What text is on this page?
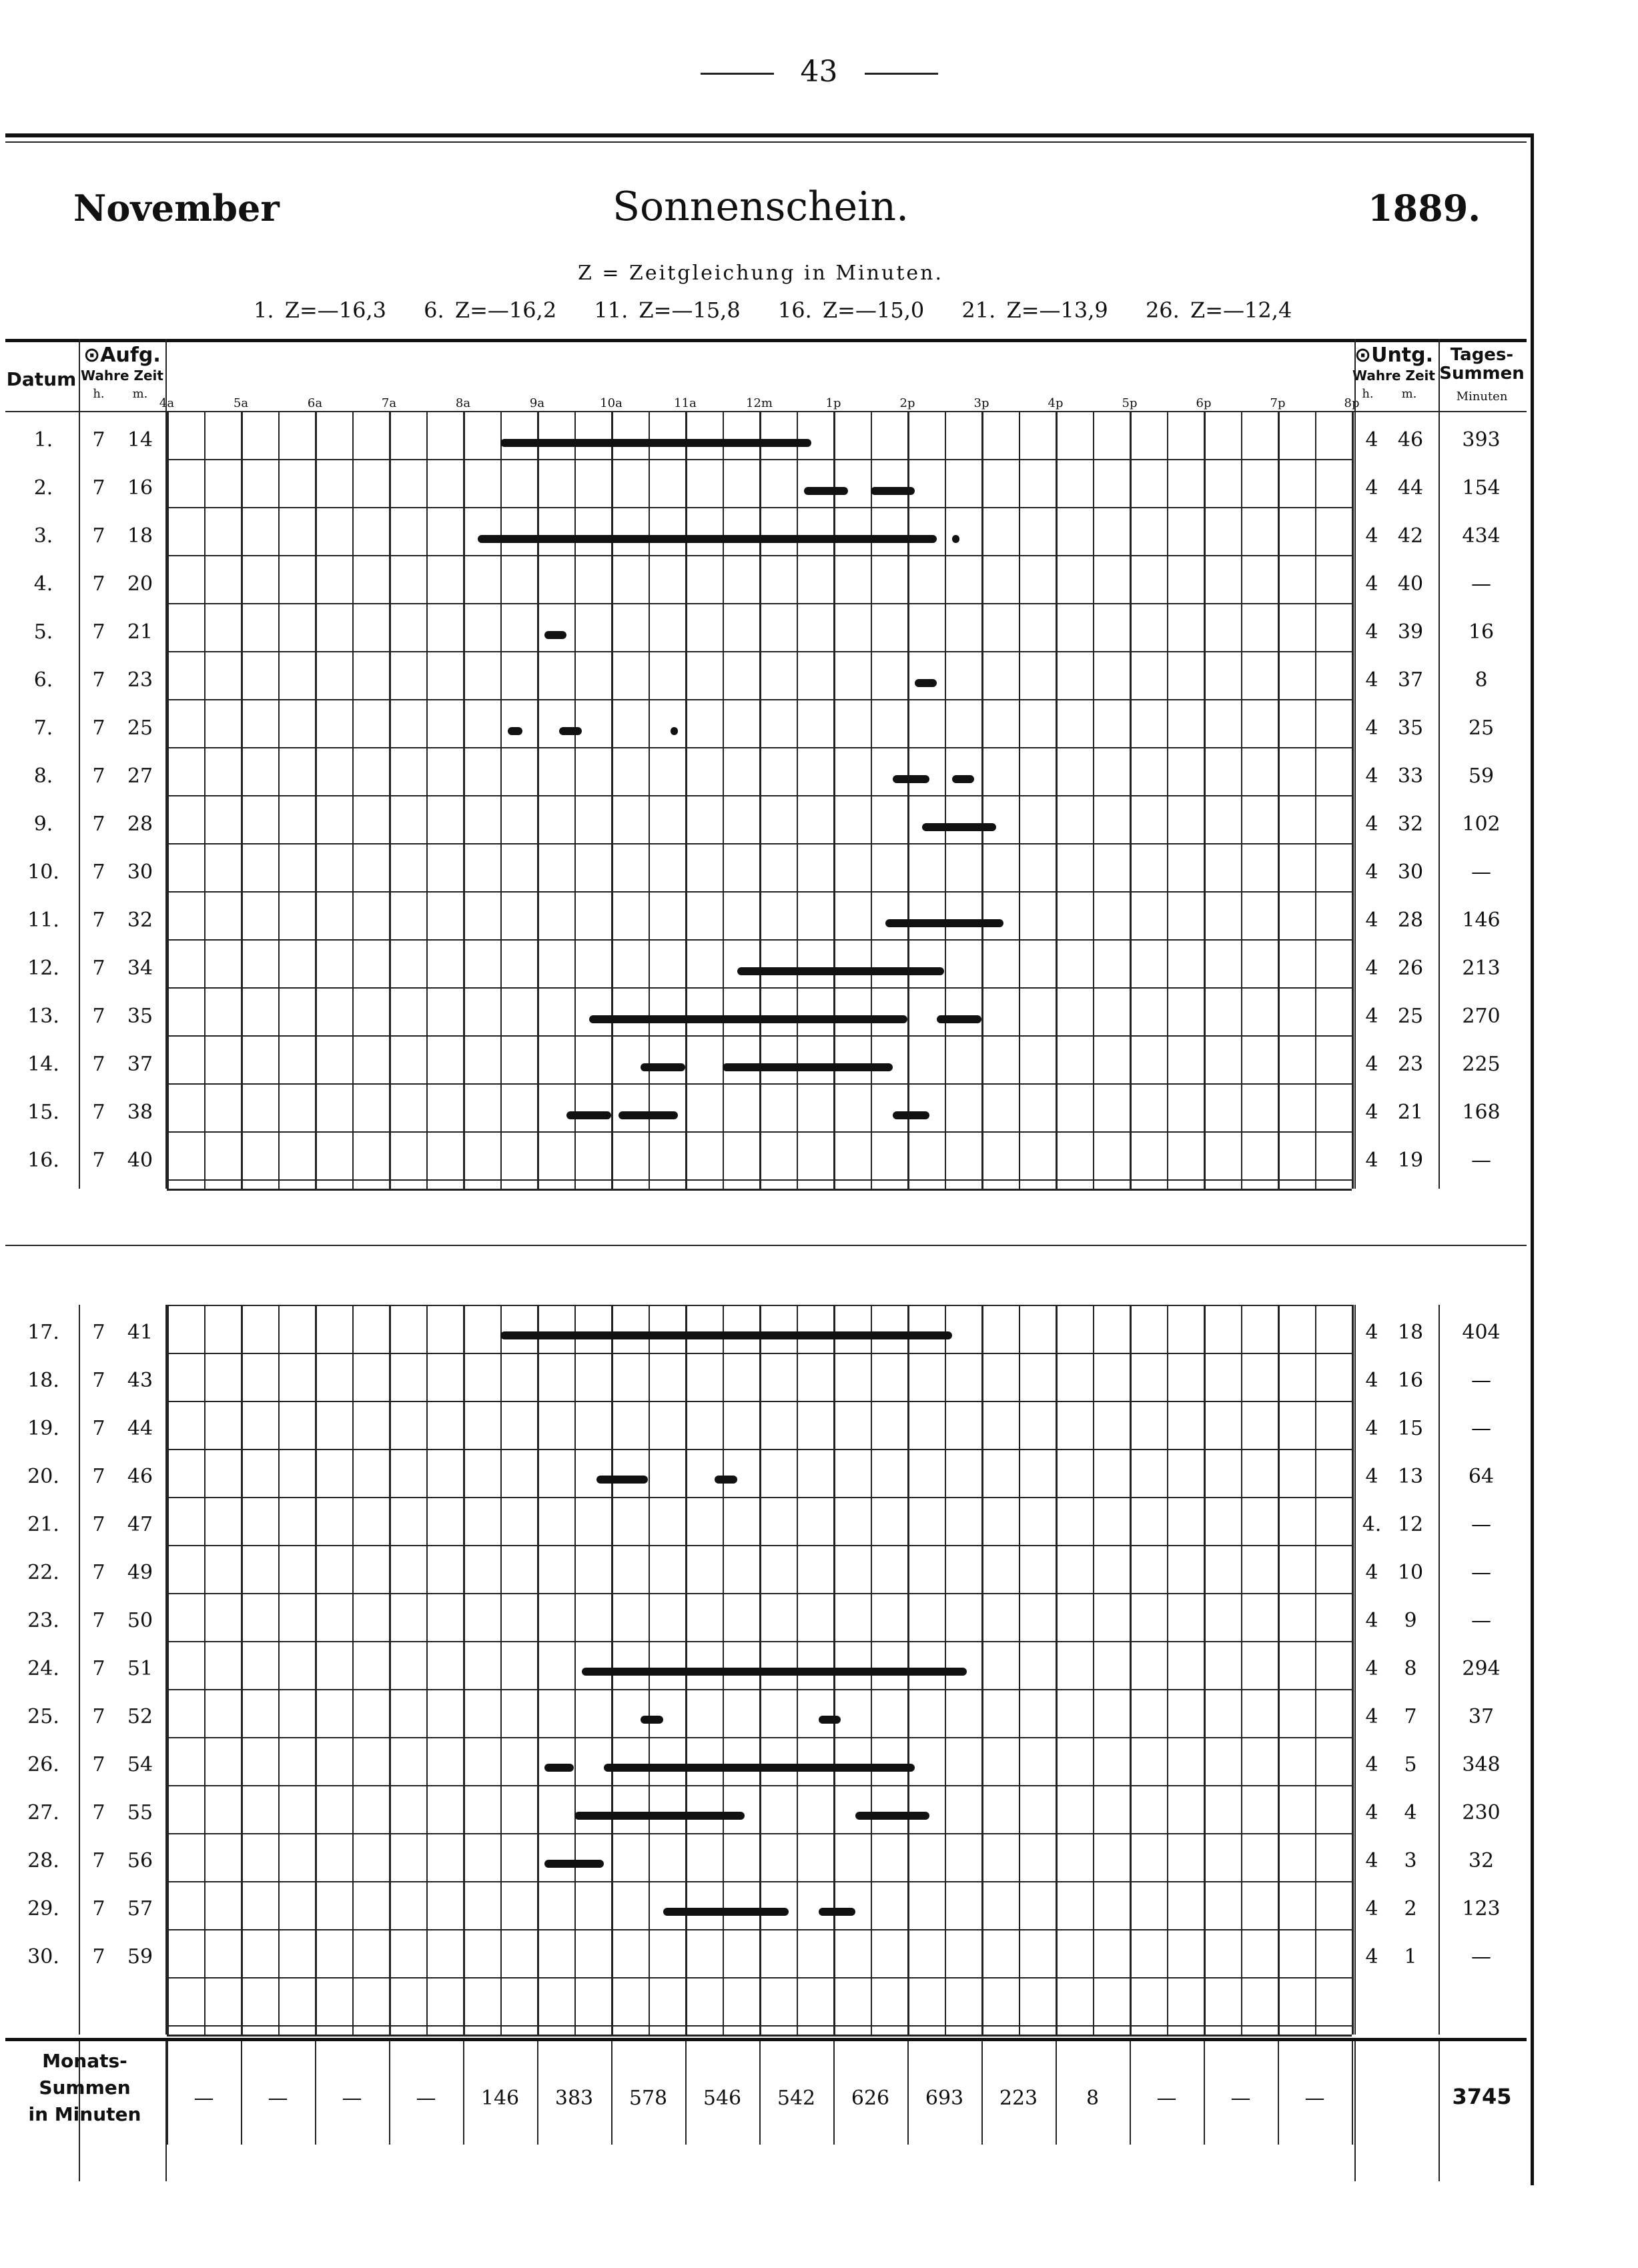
43
November	Sonnenschein.	1889.
Z = Zeitgleichung in Minuten.
1. Z=—16,3 6. Z=—16,2 11. Z=—15,8 16. Z=—15,0 21. Z=—13,9 26. Z=—12,4
Datum
⊙Aufg.
Wahre Zeit
h.	m.
⊙Untg.
Wahre Zeit
h.	m.
Tages-Summen
Minuten
4a	5a	6a	7a	8a	9a	10a	11a	12m	1p	2p	3p	4p	5p	6p	7p	8p
1.	7	14	4 46	393
2.	7	16	4 44	154
3.	7	18	4 42	434
4.	7	20	4 40	—
5.	7	21	4 39	16
6.	7	23	4 37	8
7.	7	25	4 35	25
8.	7	27	4 33	59
9.	7	28	4 32	102
10.	7	30	4 30	—
11.	7	32	4 28	146
12.	7	34	4 26	213
13.	7	35	4 25	270
14.	7	37	4 23	225
15.	7	38	4 21	168
16.	7	40	4 19	—
17.	7	41	4 18	404
18.	7	43	4 16	—
19.	7	44	4 15	—
20.	7	46	4 13	64
21.	7	47	4. 12	—
22.	7	49	4 10	—
23.	7	50	4	9	—
24.	7	51	4	8	294
25.	7	52	4	7	37
26.	7	54	4	5	348
27.	7	55	4	4	230
28.	7	56	4	3	32
29.	7	57	4	2	123
30.	7	59	4	1	—
Monats-Summen
in Minuten
—	—	—	—	146	383	578	546	542	626	693	223	8	—	—	—	3745
